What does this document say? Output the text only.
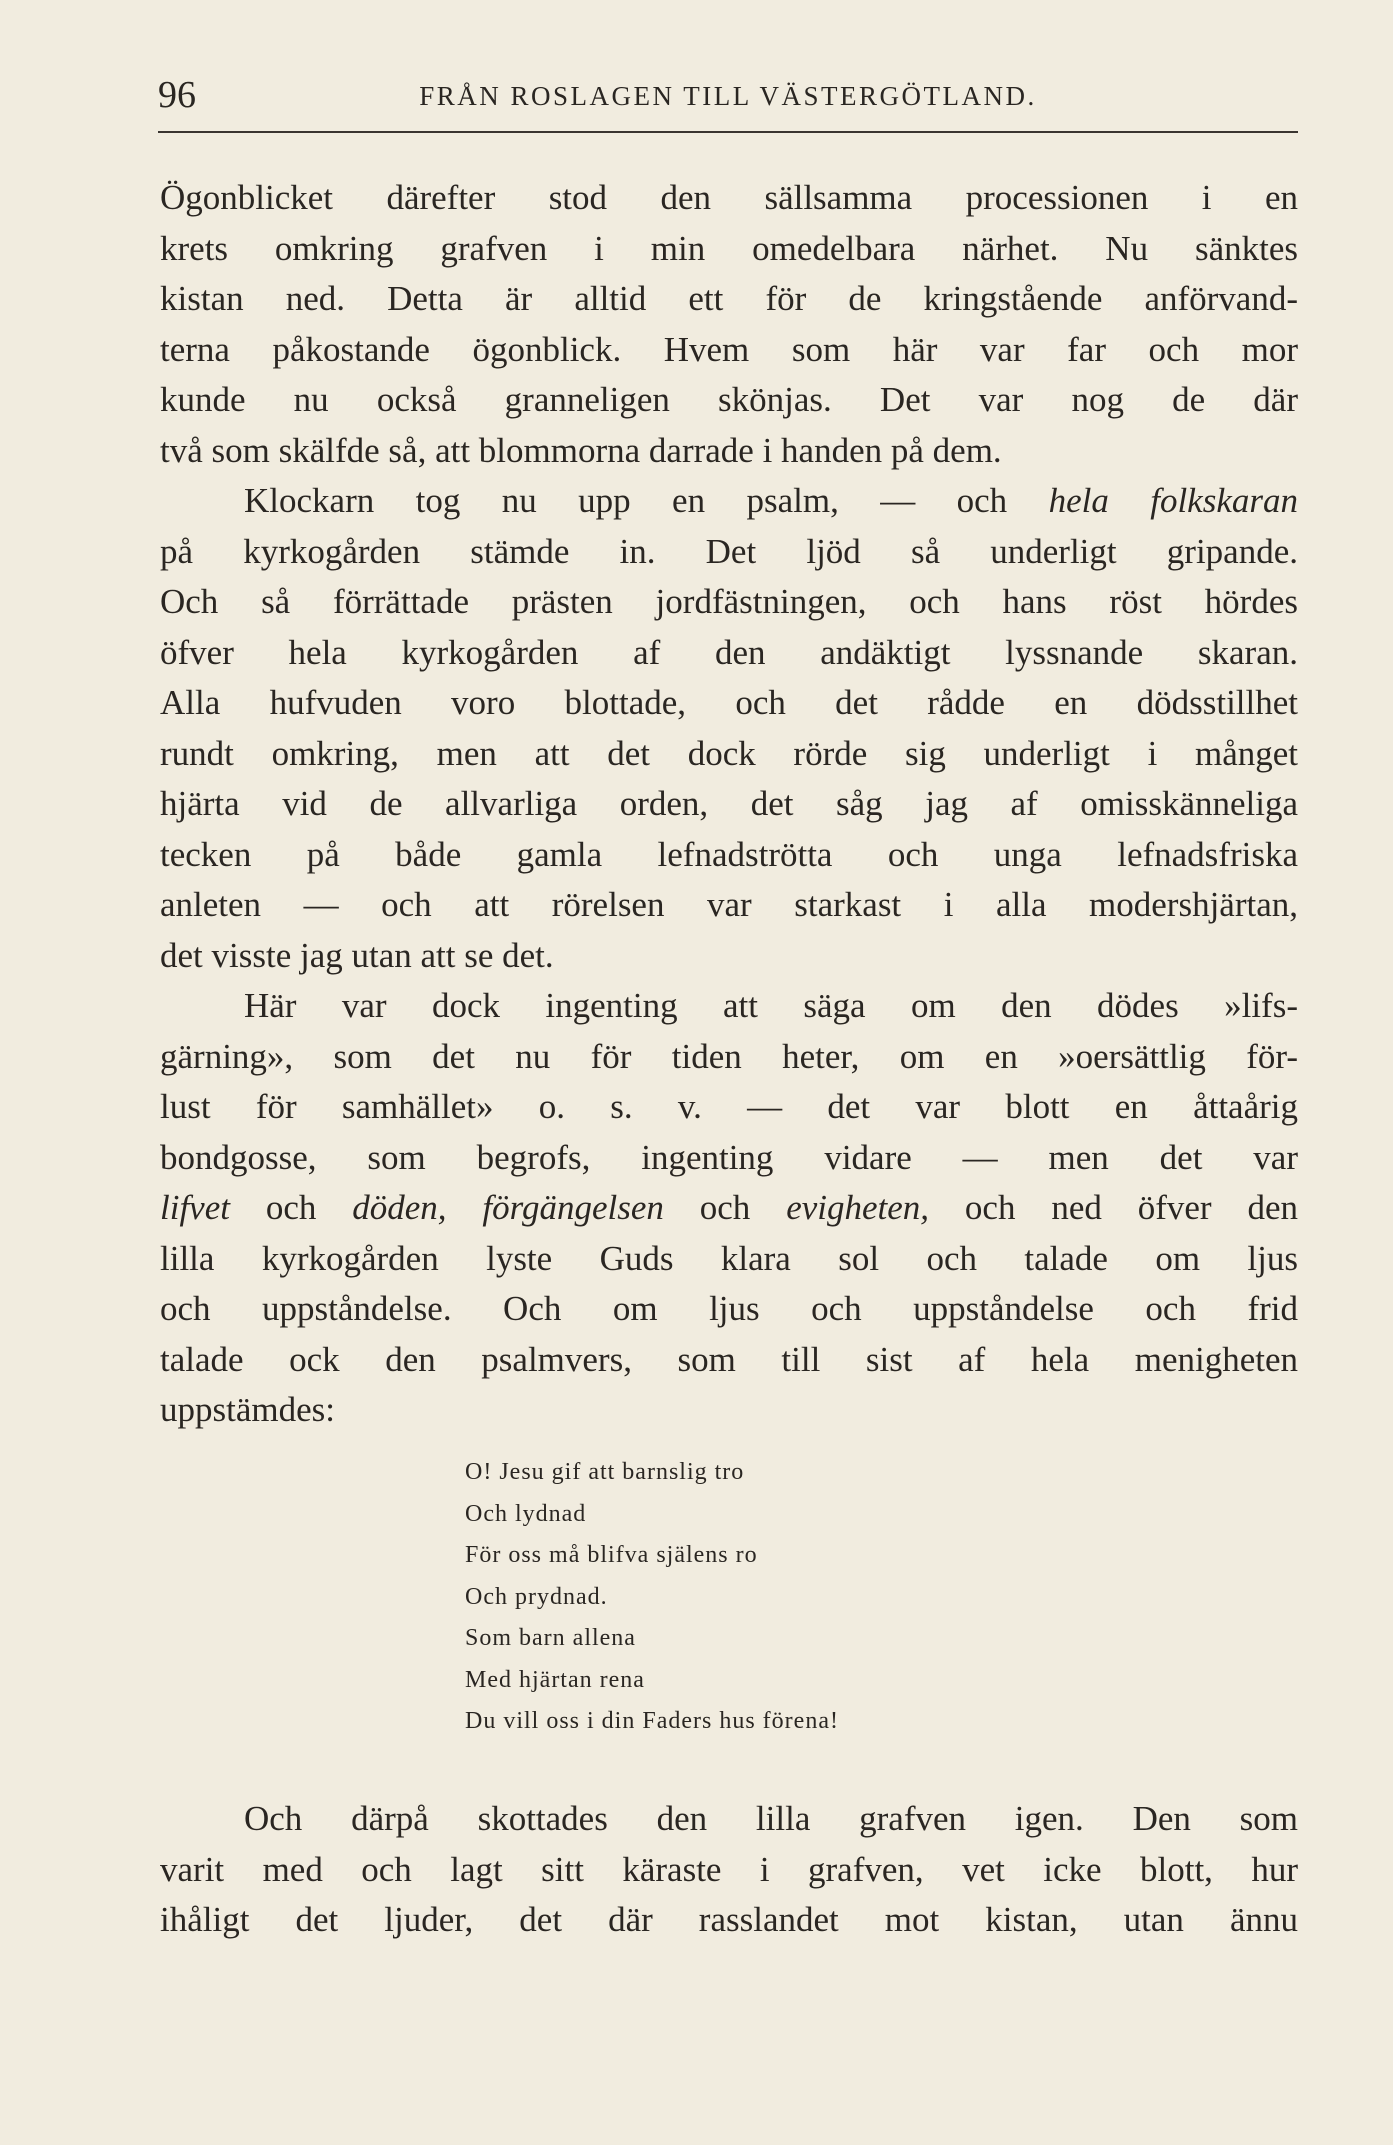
96	FRÅN ROSLAGEN TILL VÄSTERGÖTLAND.

Ögonblicket därefter stod den sällsamma processionen i en

krets omkring grafven i min omedelbara närhet. Nu sänktes

kistan ned. Detta är alltid ett för de kringstående anförvand-

terna påkostande ögonblick. Hvem som här var far och mor

kunde nu också granneligen skönjas. Det var nog de där

två som skälfde så, att blommorna darrade i handen på dem.

Klockarn tog nu upp en psalm, — och hela folkskaran

på kyrkogården stämde in. Det ljöd så underligt gripande.

Och så förrättade prästen jordfästningen, och hans röst hördes

öfver hela kyrkogården af den andäktigt lyssnande skaran.

Alla hufvuden voro blottade, och det rådde en dödsstillhet

rundt omkring, men att det dock rörde sig underligt i månget

hjärta vid de allvarliga orden, det såg jag af omisskänneliga

tecken på både gamla lefnadströtta och unga lefnadsfriska

anleten — och att rörelsen var starkast i alla modershjärtan,

det visste jag utan att se det.

Här var dock ingenting att säga om den dödes »lifs-

gärning», som det nu för tiden heter, om en »oersättlig för-

lust för samhället» o. s. v. — det var blott en åttaårig

bondgosse, som begrofs, ingenting vidare — men det var

lifvet och döden, förgängelsen och evigheten, och ned öfver den

lilla kyrkogården lyste Guds klara sol och talade om ljus

och uppståndelse. Och om ljus och uppståndelse och frid

talade ock den psalmvers, som till sist af hela menigheten

uppstämdes:

O! Jesu gif att barnslig tro
Och lydnad
För oss må blifva själens ro
Och prydnad.
Som barn allena
Med hjärtan rena
Du vill oss i din Faders hus förena!

Och därpå skottades den lilla grafven igen. Den som

varit med och lagt sitt käraste i grafven, vet icke blott, hur

ihåligt det ljuder, det där rasslandet mot kistan, utan ännu
